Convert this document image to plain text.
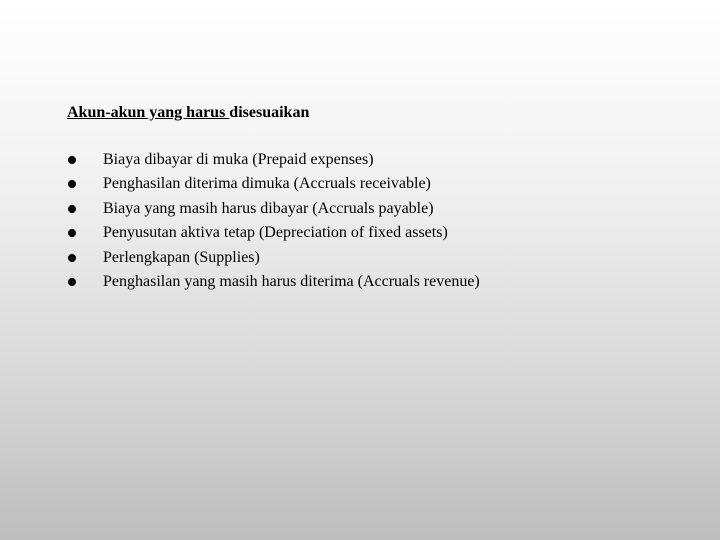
Akun-akun yang harus disesuaikan
Biaya dibayar di muka (Prepaid expenses)
Penghasilan diterima dimuka (Accruals receivable)
Biaya yang masih harus dibayar (Accruals payable)
Penyusutan aktiva tetap (Depreciation of fixed assets)
Perlengkapan (Supplies)
Penghasilan yang masih harus diterima (Accruals revenue)
